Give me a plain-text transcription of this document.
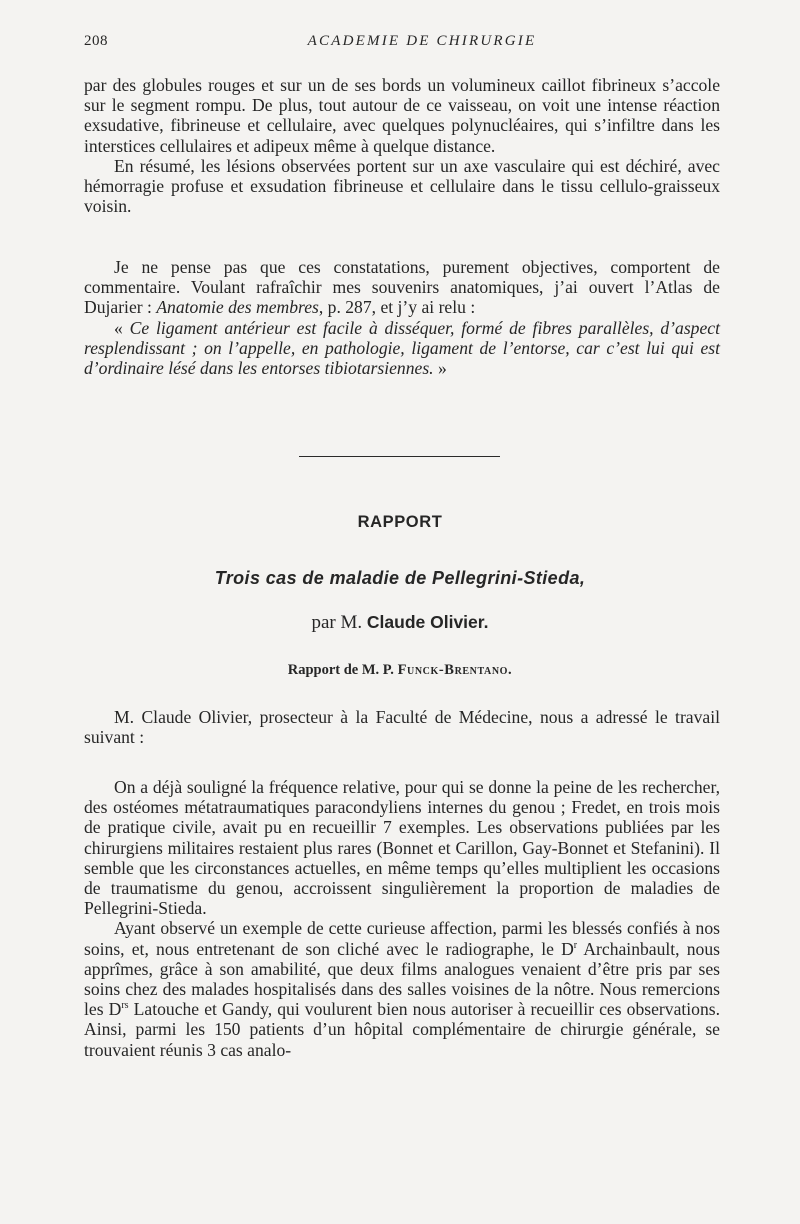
208	ACADEMIE DE CHIRURGIE

par des globules rouges et sur un de ses bords un volumineux caillot fibrineux s’accole sur le segment rompu. De plus, tout autour de ce vaisseau, on voit une intense réaction exsudative, fibrineuse et cellulaire, avec quelques polynucléaires, qui s’infiltre dans les interstices cellulaires et adipeux même à quelque distance.

En résumé, les lésions observées portent sur un axe vasculaire qui est déchiré, avec hémorragie profuse et exsudation fibrineuse et cellulaire dans le tissu cellulo-graisseux voisin.

Je ne pense pas que ces constatations, purement objectives, comportent de commentaire. Voulant rafraîchir mes souvenirs anatomiques, j’ai ouvert l’Atlas de Dujarier : Anatomie des membres, p. 287, et j’y ai relu :

« Ce ligament antérieur est facile à disséquer, formé de fibres parallèles, d’aspect resplendissant ; on l’appelle, en pathologie, ligament de l’entorse, car c’est lui qui est d’ordinaire lésé dans les entorses tibiotarsiennes. »

RAPPORT
Trois cas de maladie de Pellegrini-Stieda,
par M. Claude Olivier.
Rapport de M. P. Funck-Brentano.

M. Claude Olivier, prosecteur à la Faculté de Médecine, nous a adressé le travail suivant :

On a déjà souligné la fréquence relative, pour qui se donne la peine de les rechercher, des ostéomes métatraumatiques paracondyliens internes du genou ; Fredet, en trois mois de pratique civile, avait pu en recueillir 7 exemples. Les observations publiées par les chirurgiens militaires restaient plus rares (Bonnet et Carillon, Gay-Bonnet et Stefanini). Il semble que les circonstances actuelles, en même temps qu’elles multiplient les occasions de traumatisme du genou, accroissent singulièrement la proportion de maladies de Pellegrini-Stieda.

Ayant observé un exemple de cette curieuse affection, parmi les blessés confiés à nos soins, et, nous entretenant de son cliché avec le radiographe, le $D^r$ Archainbault, nous apprîmes, grâce à son amabilité, que deux films analogues venaient d’être pris par ses soins chez des malades hospitalisés dans des salles voisines de la nôtre. Nous remercions les $D^{rs}$ Latouche et Gandy, qui voulurent bien nous autoriser à recueillir ces observations. Ainsi, parmi les 150 patients d’un hôpital complémentaire de chirurgie générale, se trouvaient réunis 3 cas analo-
